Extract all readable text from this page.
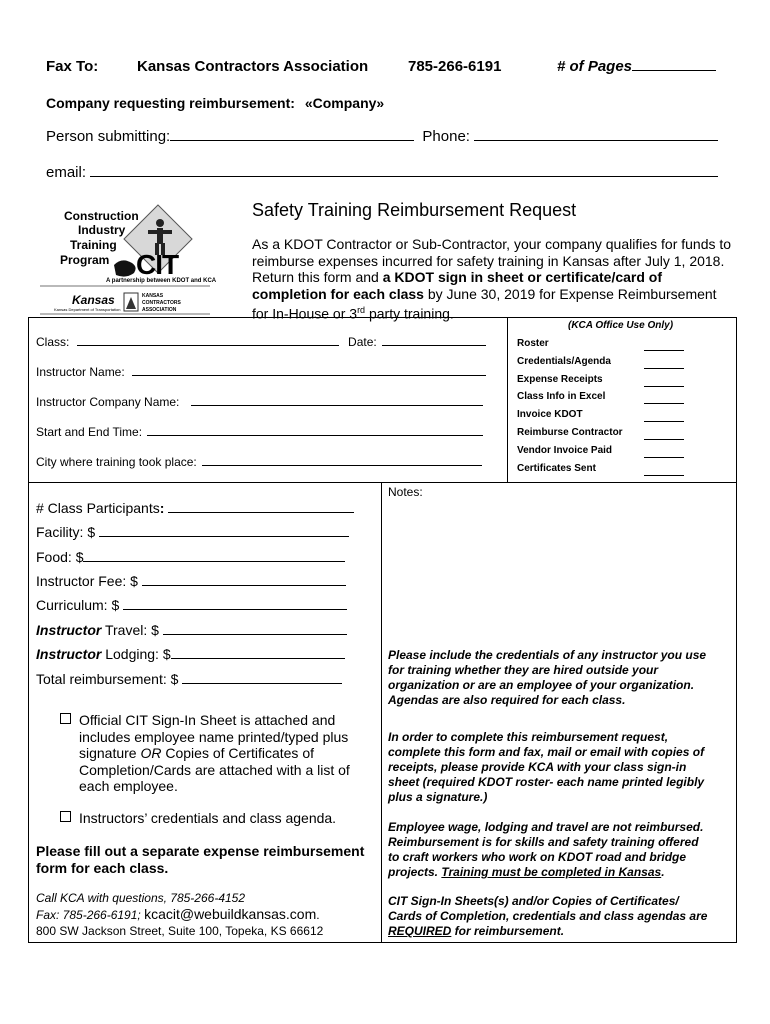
Fax To:	Kansas Contractors Association	785-266-6191	# of Pages
Company requesting reimbursement: «Company»
Person submitting:	Phone:
email:
Construction
Industry
Training
Program CIT
A partnership between KDOT and KCA
Kansas
Kansas Department of Transportation
KANSAS
CONTRACTORS
ASSOCIATION
Safety Training Reimbursement Request
As a KDOT Contractor or Sub-Contractor, your company qualifies for funds to
reimburse expenses incurred for safety training in Kansas after July 1, 2018.
Return this form and a KDOT sign in sheet or certificate/card of
completion for each class by June 30, 2019 for Expense Reimbursement
for In-House or 3rd party training.
Class:	Date:
Instructor Name:
Instructor Company Name:
Start and End Time:
City where training took place:
(KCA Office Use Only)
Roster
Credentials/Agenda
Expense Receipts
Class Info in Excel
Invoice KDOT
Reimburse Contractor
Vendor Invoice Paid
Certificates Sent
# Class Participants:
Facility: $
Food: $
Instructor Fee: $
Curriculum: $
Instructor Travel: $
Instructor Lodging: $
Total reimbursement: $
Official CIT Sign-In Sheet is attached and
includes employee name printed/typed plus
signature OR Copies of Certificates of
Completion/Cards are attached with a list of
each employee.
Instructors’ credentials and class agenda.
Please fill out a separate expense reimbursement
form for each class.
Call KCA with questions, 785-266-4152
Fax: 785-266-6191; kcacit@webuildkansas.com.
800 SW Jackson Street, Suite 100, Topeka, KS 66612
Notes:
Please include the credentials of any instructor you use
for training whether they are hired outside your
organization or are an employee of your organization.
Agendas are also required for each class.
In order to complete this reimbursement request,
complete this form and fax, mail or email with copies of
receipts, please provide KCA with your class sign-in
sheet (required KDOT roster- each name printed legibly
plus a signature.)
Employee wage, lodging and travel are not reimbursed.
Reimbursement is for skills and safety training offered
to craft workers who work on KDOT road and bridge
projects. Training must be completed in Kansas.
CIT Sign-In Sheets(s) and/or Copies of Certificates/
Cards of Completion, credentials and class agendas are
REQUIRED for reimbursement.
